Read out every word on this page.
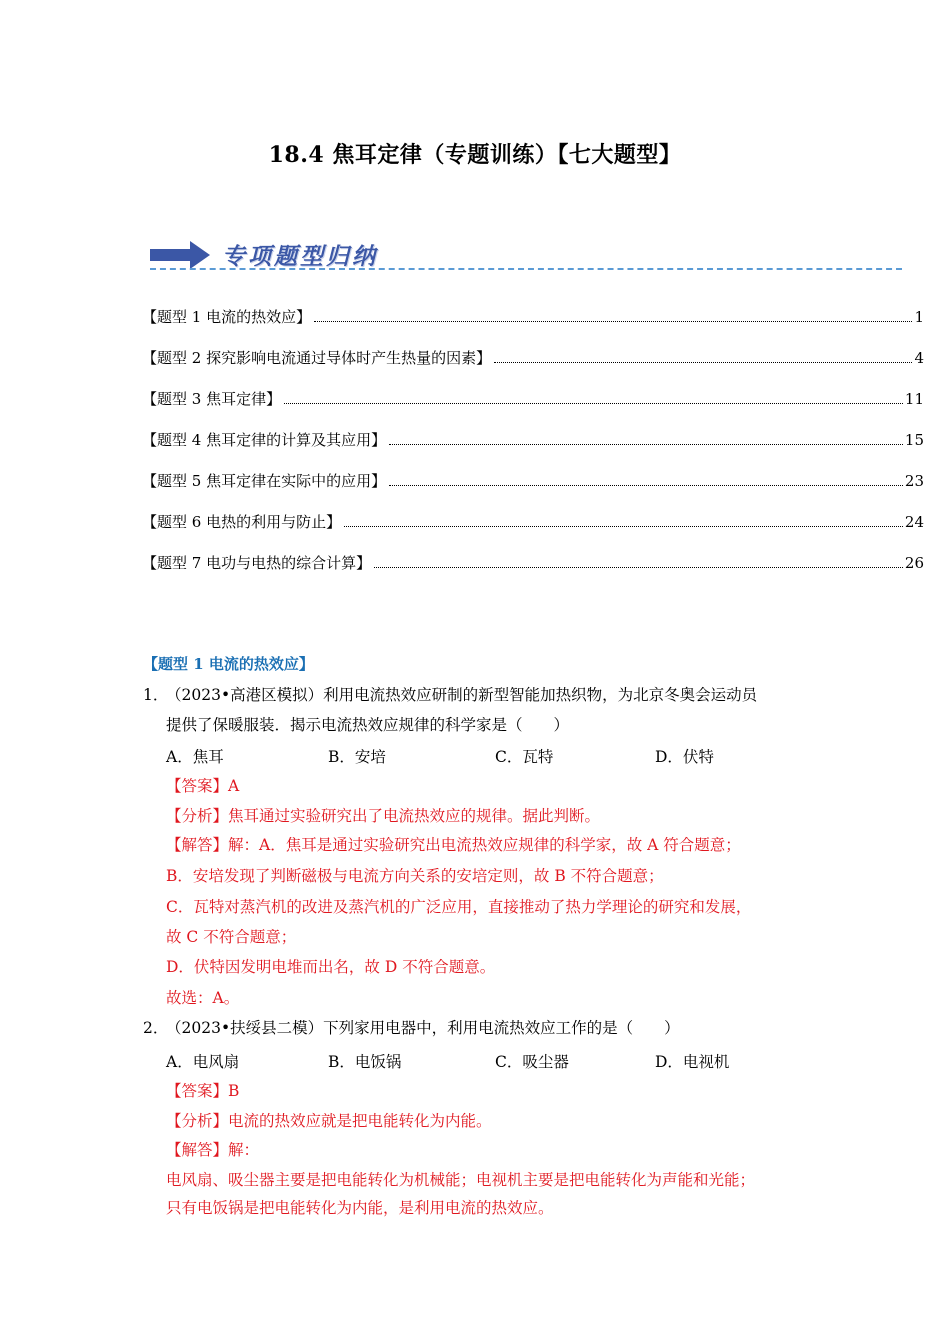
18.4 焦耳定律（专题训练）【七大题型】
专项题型归纳
【题型 1 电流的热效应】	1
【题型 2 探究影响电流通过导体时产生热量的因素】	4
【题型 3 焦耳定律】	11
【题型 4 焦耳定律的计算及其应用】	15
【题型 5 焦耳定律在实际中的应用】	23
【题型 6 电热的利用与防止】	24
【题型 7 电功与电热的综合计算】	26
【题型 1 电流的热效应】
1．
（2023•高港区模拟）利用电流热效应研制的新型智能加热织物，为北京冬奥会运动员
提供了保暖服装．揭示电流热效应规律的科学家是（　　）
A．焦耳	B．安培	C．瓦特	D．伏特
【答案】A
【分析】焦耳通过实验研究出了电流热效应的规律。据此判断。
【解答】解：A．焦耳是通过实验研究出电流热效应规律的科学家，故 A 符合题意；
B．安培发现了判断磁极与电流方向关系的安培定则，故 B 不符合题意；
C．瓦特对蒸汽机的改进及蒸汽机的广泛应用，直接推动了热力学理论的研究和发展，
故 C 不符合题意；
D．伏特因发明电堆而出名，故 D 不符合题意。
故选：A。
2．
（2023•扶绥县二模）下列家用电器中，利用电流热效应工作的是（　　）
A．电风扇	B．电饭锅	C．吸尘器	D．电视机
【答案】B
【分析】电流的热效应就是把电能转化为内能。
【解答】解：
电风扇、吸尘器主要是把电能转化为机械能；电视机主要是把电能转化为声能和光能；
只有电饭锅是把电能转化为内能，是利用电流的热效应。
